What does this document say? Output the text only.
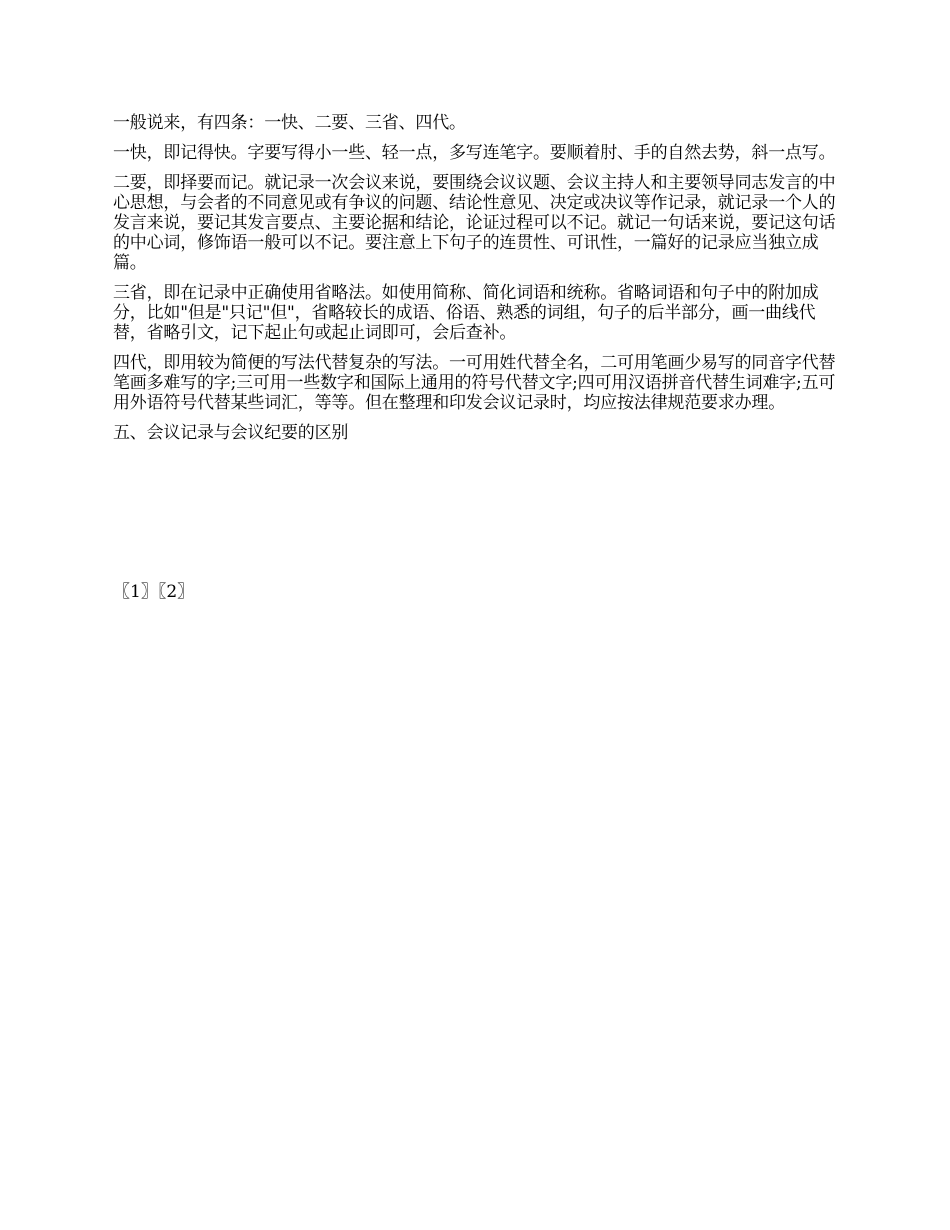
一般说来，有四条：一快、二要、三省、四代。

一快，即记得快。字要写得小一些、轻一点，多写连笔字。要顺着肘、手的自然去势，斜一点写。

二要，即择要而记。就记录一次会议来说，要围绕会议议题、会议主持人和主要领导同志发言的中心思想，与会者的不同意见或有争议的问题、结论性意见、决定或决议等作记录，就记录一个人的发言来说，要记其发言要点、主要论据和结论，论证过程可以不记。就记一句话来说，要记这句话的中心词，修饰语一般可以不记。要注意上下句子的连贯性、可讯性，一篇好的记录应当独立成篇。

三省，即在记录中正确使用省略法。如使用简称、简化词语和统称。省略词语和句子中的附加成分，比如"但是"只记"但"，省略较长的成语、俗语、熟悉的词组，句子的后半部分，画一曲线代替，省略引文，记下起止句或起止词即可，会后查补。

四代，即用较为简便的写法代替复杂的写法。一可用姓代替全名，二可用笔画少易写的同音字代替笔画多难写的字;三可用一些数字和国际上通用的符号代替文字;四可用汉语拼音代替生词难字;五可用外语符号代替某些词汇，等等。但在整理和印发会议记录时，均应按法律规范要求办理。

五、会议记录与会议纪要的区别

〖1〗〖2〗
